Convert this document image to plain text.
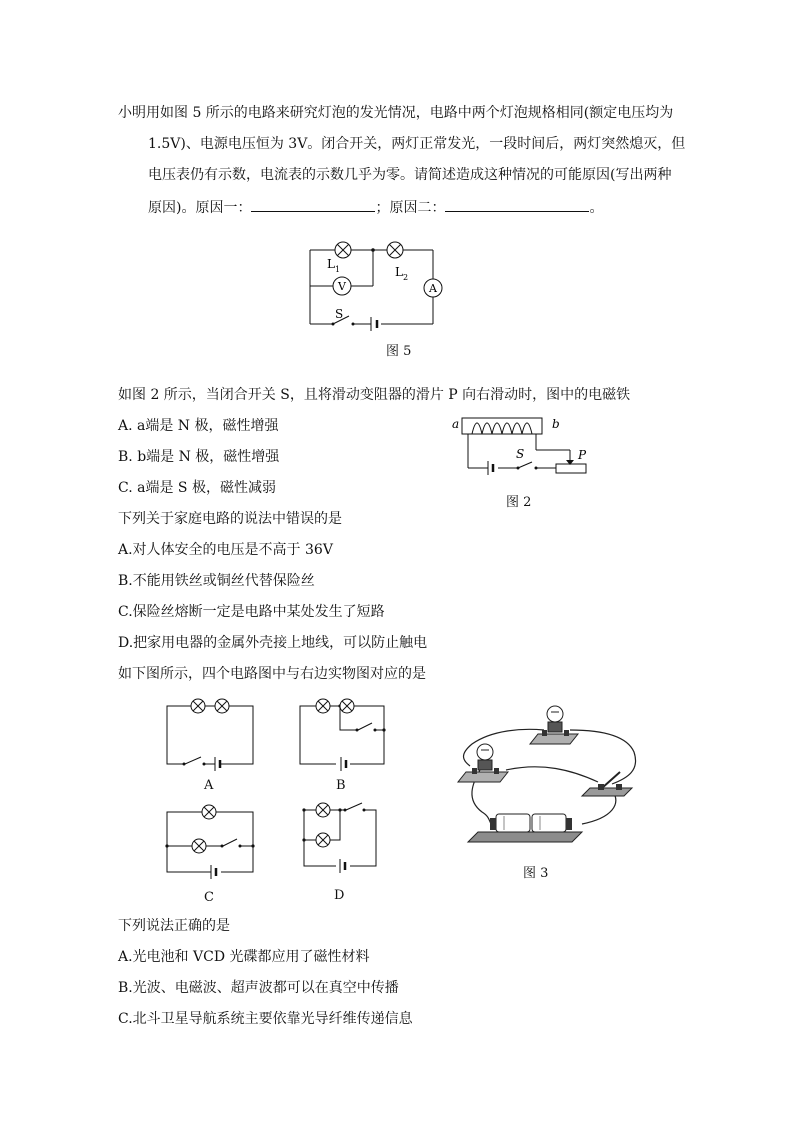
小明用如图 5 所示的电路来研究灯泡的发光情况，电路中两个灯泡规格相同(额定电压均为
1.5V)、电源电压恒为 3V。闭合开关，两灯正常发光，一段时间后，两灯突然熄灭，但
电压表仍有示数，电流表的示数几乎为零。请简述造成这种情况的可能原因(写出两种
原因)。原因一：	；原因二：	。
V	A
L 1	L 2
S
图 5
如图 2 所示，当闭合开关 S，且将滑动变阻器的滑片 P 向右滑动时，图中的电磁铁
A. a端是 N 极，磁性增强
B. b端是 N 极，磁性增强
C. a端是 S 极，磁性减弱
a	b
S	P
图 2
下列关于家庭电路的说法中错误的是
A.对人体安全的电压是不高于 36V
B.不能用铁丝或铜丝代替保险丝
C.保险丝熔断一定是电路中某处发生了短路
D.把家用电器的金属外壳接上地线，可以防止触电
如下图所示，四个电路图中与右边实物图对应的是
A	B
C	D
图 3
下列说法正确的是
A.光电池和 VCD 光碟都应用了磁性材料
B.光波、电磁波、超声波都可以在真空中传播
C.北斗卫星导航系统主要依靠光导纤维传递信息
